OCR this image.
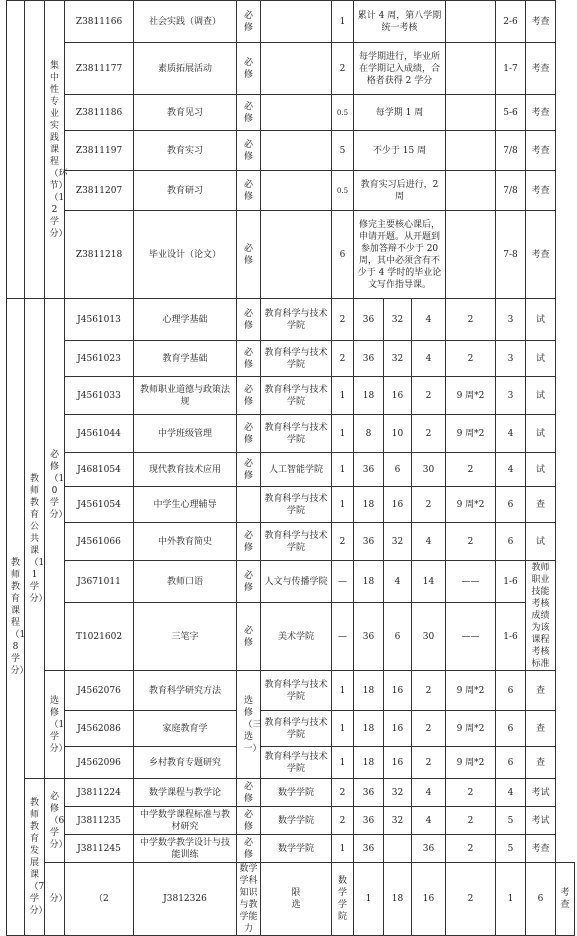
		集中性专业实践课程（环节）（12学分）	Z3811166	社会实践（调查）	必修		1	累计 4 周，第八学期统一考核				2-6	考查	
			Z3811177	素质拓展活动	必修		2	每学期进行，毕业所在学期记入成绩，合格者获得 2 学分				1-7	考查	
			Z3811186	教育见习	必修		0.5	每学期 1 周				5-6	考查	
			Z3811197	教育实习	必修		5	不少于 15 周				7/8	考查	
			Z3811207	教育研习	必修		0.5	教育实习后进行，2 周				7/8	考查	
			Z3811218	毕业设计（论文）	必修		6	修完主要核心课后，申请开题。从开题到参加答辩不少于 20 周，其中必须含有不少于 4 学时的毕业论文写作指导课。				7-8	考查	
教师教育课程（18学分）	教师教育公共课（11学分）	必修（10学分）	J4561013	心理学基础	必修	教育科学与技术学院	2	36	32	4	2	3	试	
			J4561023	教育学基础	必修	教育科学与技术学院	2	36	32	4	2	3	试	
			J4561033	教师职业道德与政策法规	必修	教育科学与技术学院	1	18	16	2	9 周*2	3	试	
			J4561044	中学班级管理	必修	教育科学与技术学院	1	8	10	2	9 周*2	4	试	
			J4681054	现代教育技术应用	必修	人工智能学院	1	36	6	30	2	4	试	
			J4561054	中学生心理辅导		教育科学与技术学院	1	18	16	2	9 周*2	6	查	
			J4561066	中外教育简史	必修	教育科学与技术学院	2	36	32	4	2	6	试	
			J3671011	教师口语	必修	人文与传播学院	—	18	4	14	——	1-6	教师职业技能考核成绩为该课程考核标准	
			T1021602	三笔字	必修	美术学院	—	36	6	30	——	1-6		
		选修（1学分）	J4562076	教育科学研究方法	选修（三选一）	教育科学与技术学院	1	18	16	2	9 周*2	6	查	
			J4562086	家庭教育学		教育科学与技术学院	1	18	16	2	9 周*2	6	查	
			J4562096	乡村教育专题研究		教育科学与技术学院	1	18	16	2	9 周*2	6	查	
	教师教育发展课（7学分）	必修（6学分）	J3811224	数学课程与教学论	必修	数学学院	2	36	32	4	2	4	考试	
			J3811235	中学数学课程标准与教材研究	必修	数学学院	2	36	32	4	2	5	考试	
			J3811245	中学数学教学设计与技能训练	必修	数学学院	1	36		36	2	5	考查	
		分）	（2	J3812326	数学学科知识与教学能力	限选	数学学院	1	18	16	2	1	6	考查
